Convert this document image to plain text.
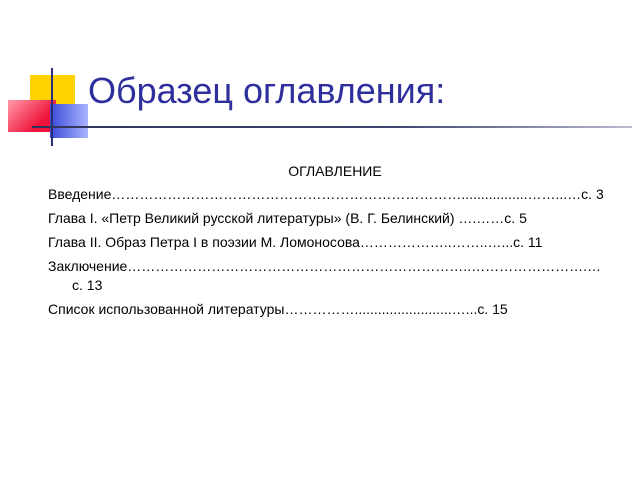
Образец оглавления:

ОГЛАВЛЕНИЕ

Введение………………………………………………………………….................……...…с. 3

Глава I. «Петр Великий русской литературы» (В. Г. Белинский) ….……с. 5

Глава II. Образ Петра I в поэзии М. Ломоносова………………..……..…...с. 11

Заключение………………………………………………………………..…………………….…с. 13

Список использованной литературы…………….........................…...с. 15
